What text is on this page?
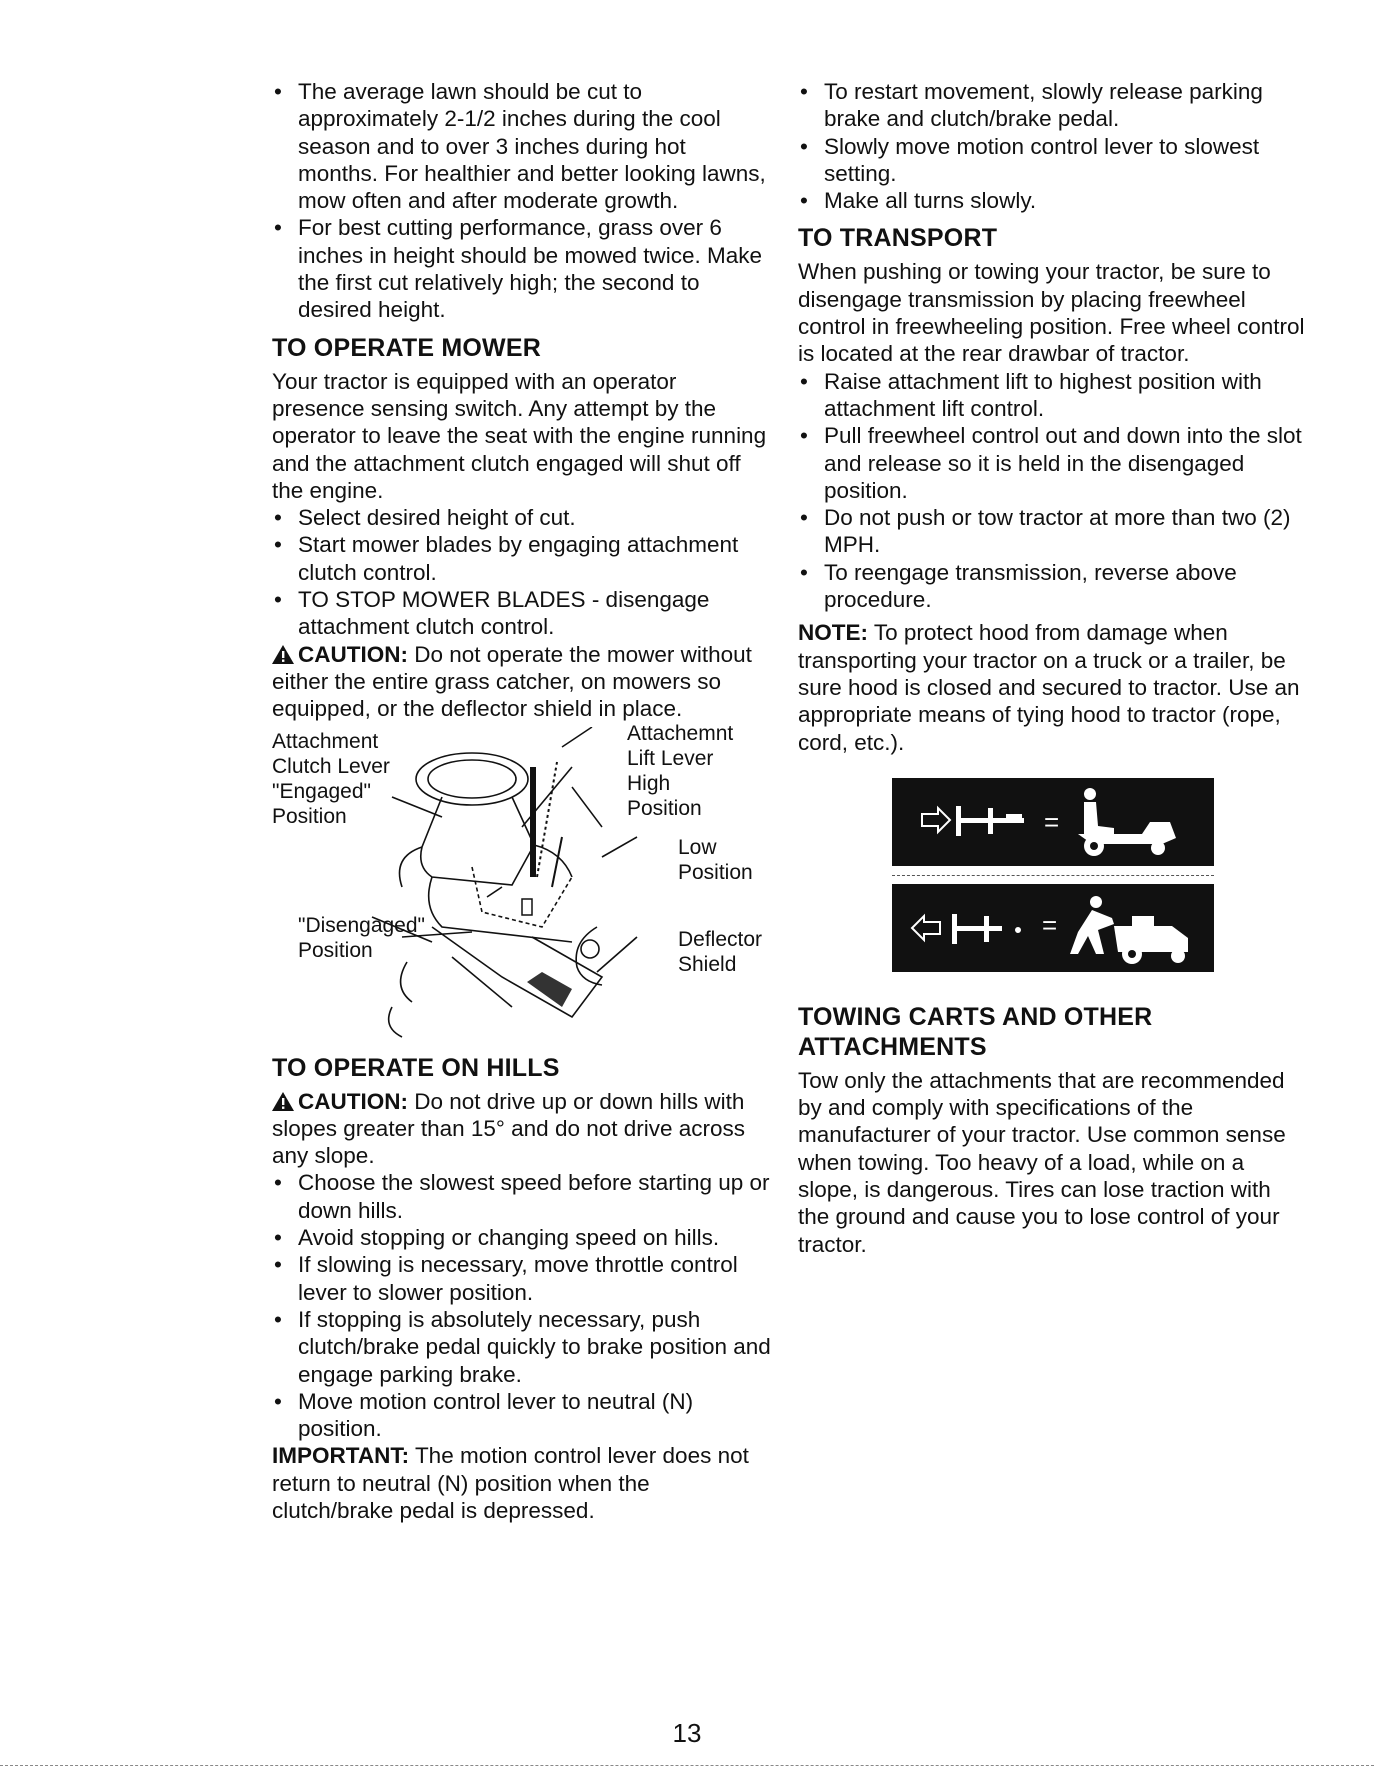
• The average lawn should be cut to approximately 2-1/2 inches during the cool season and to over 3 inches during hot months. For healthier and better looking lawns, mow often and after moderate growth.
• For best cutting performance, grass over 6 inches in height should be mowed twice. Make the first cut relatively high; the second to desired height.
TO OPERATE MOWER
Your tractor is equipped with an operator presence sensing switch. Any attempt by the operator to leave the seat with the engine running and the attachment clutch engaged will shut off the engine.
• Select desired height of cut.
• Start mower blades by engaging attachment clutch control.
• TO STOP MOWER BLADES - disengage attachment clutch control.
CAUTION: Do not operate the mower without either the entire grass catcher, on mowers so equipped, or the deflector shield in place.
Attachment
Clutch Lever
"Engaged"
Position
"Disengaged"
Position
Attachemnt
Lift Lever
High
Position
Low
Position
Deflector
Shield
TO OPERATE ON HILLS
CAUTION: Do not drive up or down hills with slopes greater than 15° and do not drive across any slope.
• Choose the slowest speed before starting up or down hills.
• Avoid stopping or changing speed on hills.
• If slowing is necessary, move throttle control lever to slower position.
• If stopping is absolutely necessary, push clutch/brake pedal quickly to brake position and engage parking brake.
• Move motion control lever to neutral (N) position.
IMPORTANT: The motion control lever does not return to neutral (N) position when the clutch/brake pedal is depressed.
• To restart movement, slowly release parking brake and clutch/brake pedal.
• Slowly move motion control lever to slowest setting.
• Make all turns slowly.
TO TRANSPORT
When pushing or towing your tractor, be sure to disengage transmission by placing freewheel control in freewheeling position. Free wheel control is located at the rear drawbar of tractor.
• Raise attachment lift to highest position with attachment lift control.
• Pull freewheel control out and down into the slot and release so it is held in the disengaged position.
• Do not push or tow tractor at more than two (2) MPH.
• To reengage transmission, reverse above procedure.
NOTE: To protect hood from damage when transporting your tractor on a truck or a trailer, be sure hood is closed and secured to tractor. Use an appropriate means of tying hood to tractor (rope, cord, etc.).
=
=
TOWING CARTS AND OTHER ATTACHMENTS
Tow only the attachments that are recommended by and comply with specifications of the manufacturer of your tractor. Use common sense when towing. Too heavy of a load, while on a slope, is dangerous. Tires can lose traction with the ground and cause you to lose control of your tractor.
13
